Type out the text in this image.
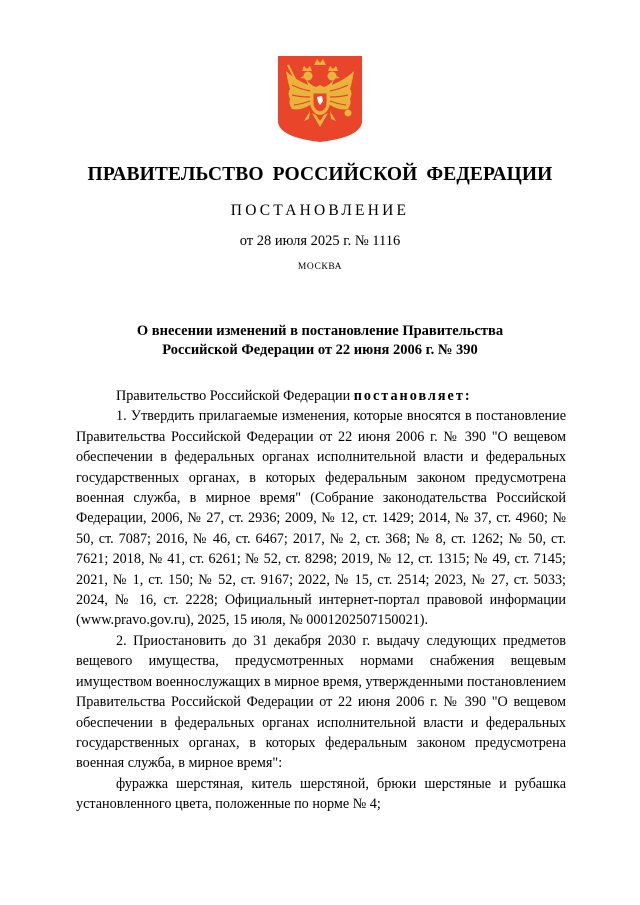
ПРАВИТЕЛЬСТВО РОССИЙСКОЙ ФЕДЕРАЦИИ
ПОСТАНОВЛЕНИЕ
от 28 июля 2025 г. № 1116
МОСКВА
О внесении изменений в постановление Правительства
Российской Федерации от 22 июня 2006 г. № 390

Правительство Российской Федерации постановляет:

1. Утвердить прилагаемые изменения, которые вносятся в постановление Правительства Российской Федерации от 22 июня 2006 г. № 390 "О вещевом обеспечении в федеральных органах исполнительной власти и федеральных государственных органах, в которых федеральным законом предусмотрена военная служба, в мирное время" (Собрание законодательства Российской Федерации, 2006, № 27, ст. 2936; 2009, № 12, ст. 1429; 2014, № 37, ст. 4960; № 50, ст. 7087; 2016, № 46, ст. 6467; 2017, № 2, ст. 368; № 8, ст. 1262; № 50, ст. 7621; 2018, № 41, ст. 6261; № 52, ст. 8298; 2019, № 12, ст. 1315; № 49, ст. 7145; 2021, № 1, ст. 150; № 52, ст. 9167; 2022, № 15, ст. 2514; 2023, № 27, ст. 5033; 2024, № 16, ст. 2228; Официальный интернет-портал правовой информации (www.pravo.gov.ru), 2025, 15 июля, № 0001202507150021).

2. Приостановить до 31 декабря 2030 г. выдачу следующих предметов вещевого имущества, предусмотренных нормами снабжения вещевым имуществом военнослужащих в мирное время, утвержденными постановлением Правительства Российской Федерации от 22 июня 2006 г. № 390 "О вещевом обеспечении в федеральных органах исполнительной власти и федеральных государственных органах, в которых федеральным законом предусмотрена военная служба, в мирное время":

фуражка шерстяная, китель шерстяной, брюки шерстяные и рубашка установленного цвета, положенные по норме № 4;
